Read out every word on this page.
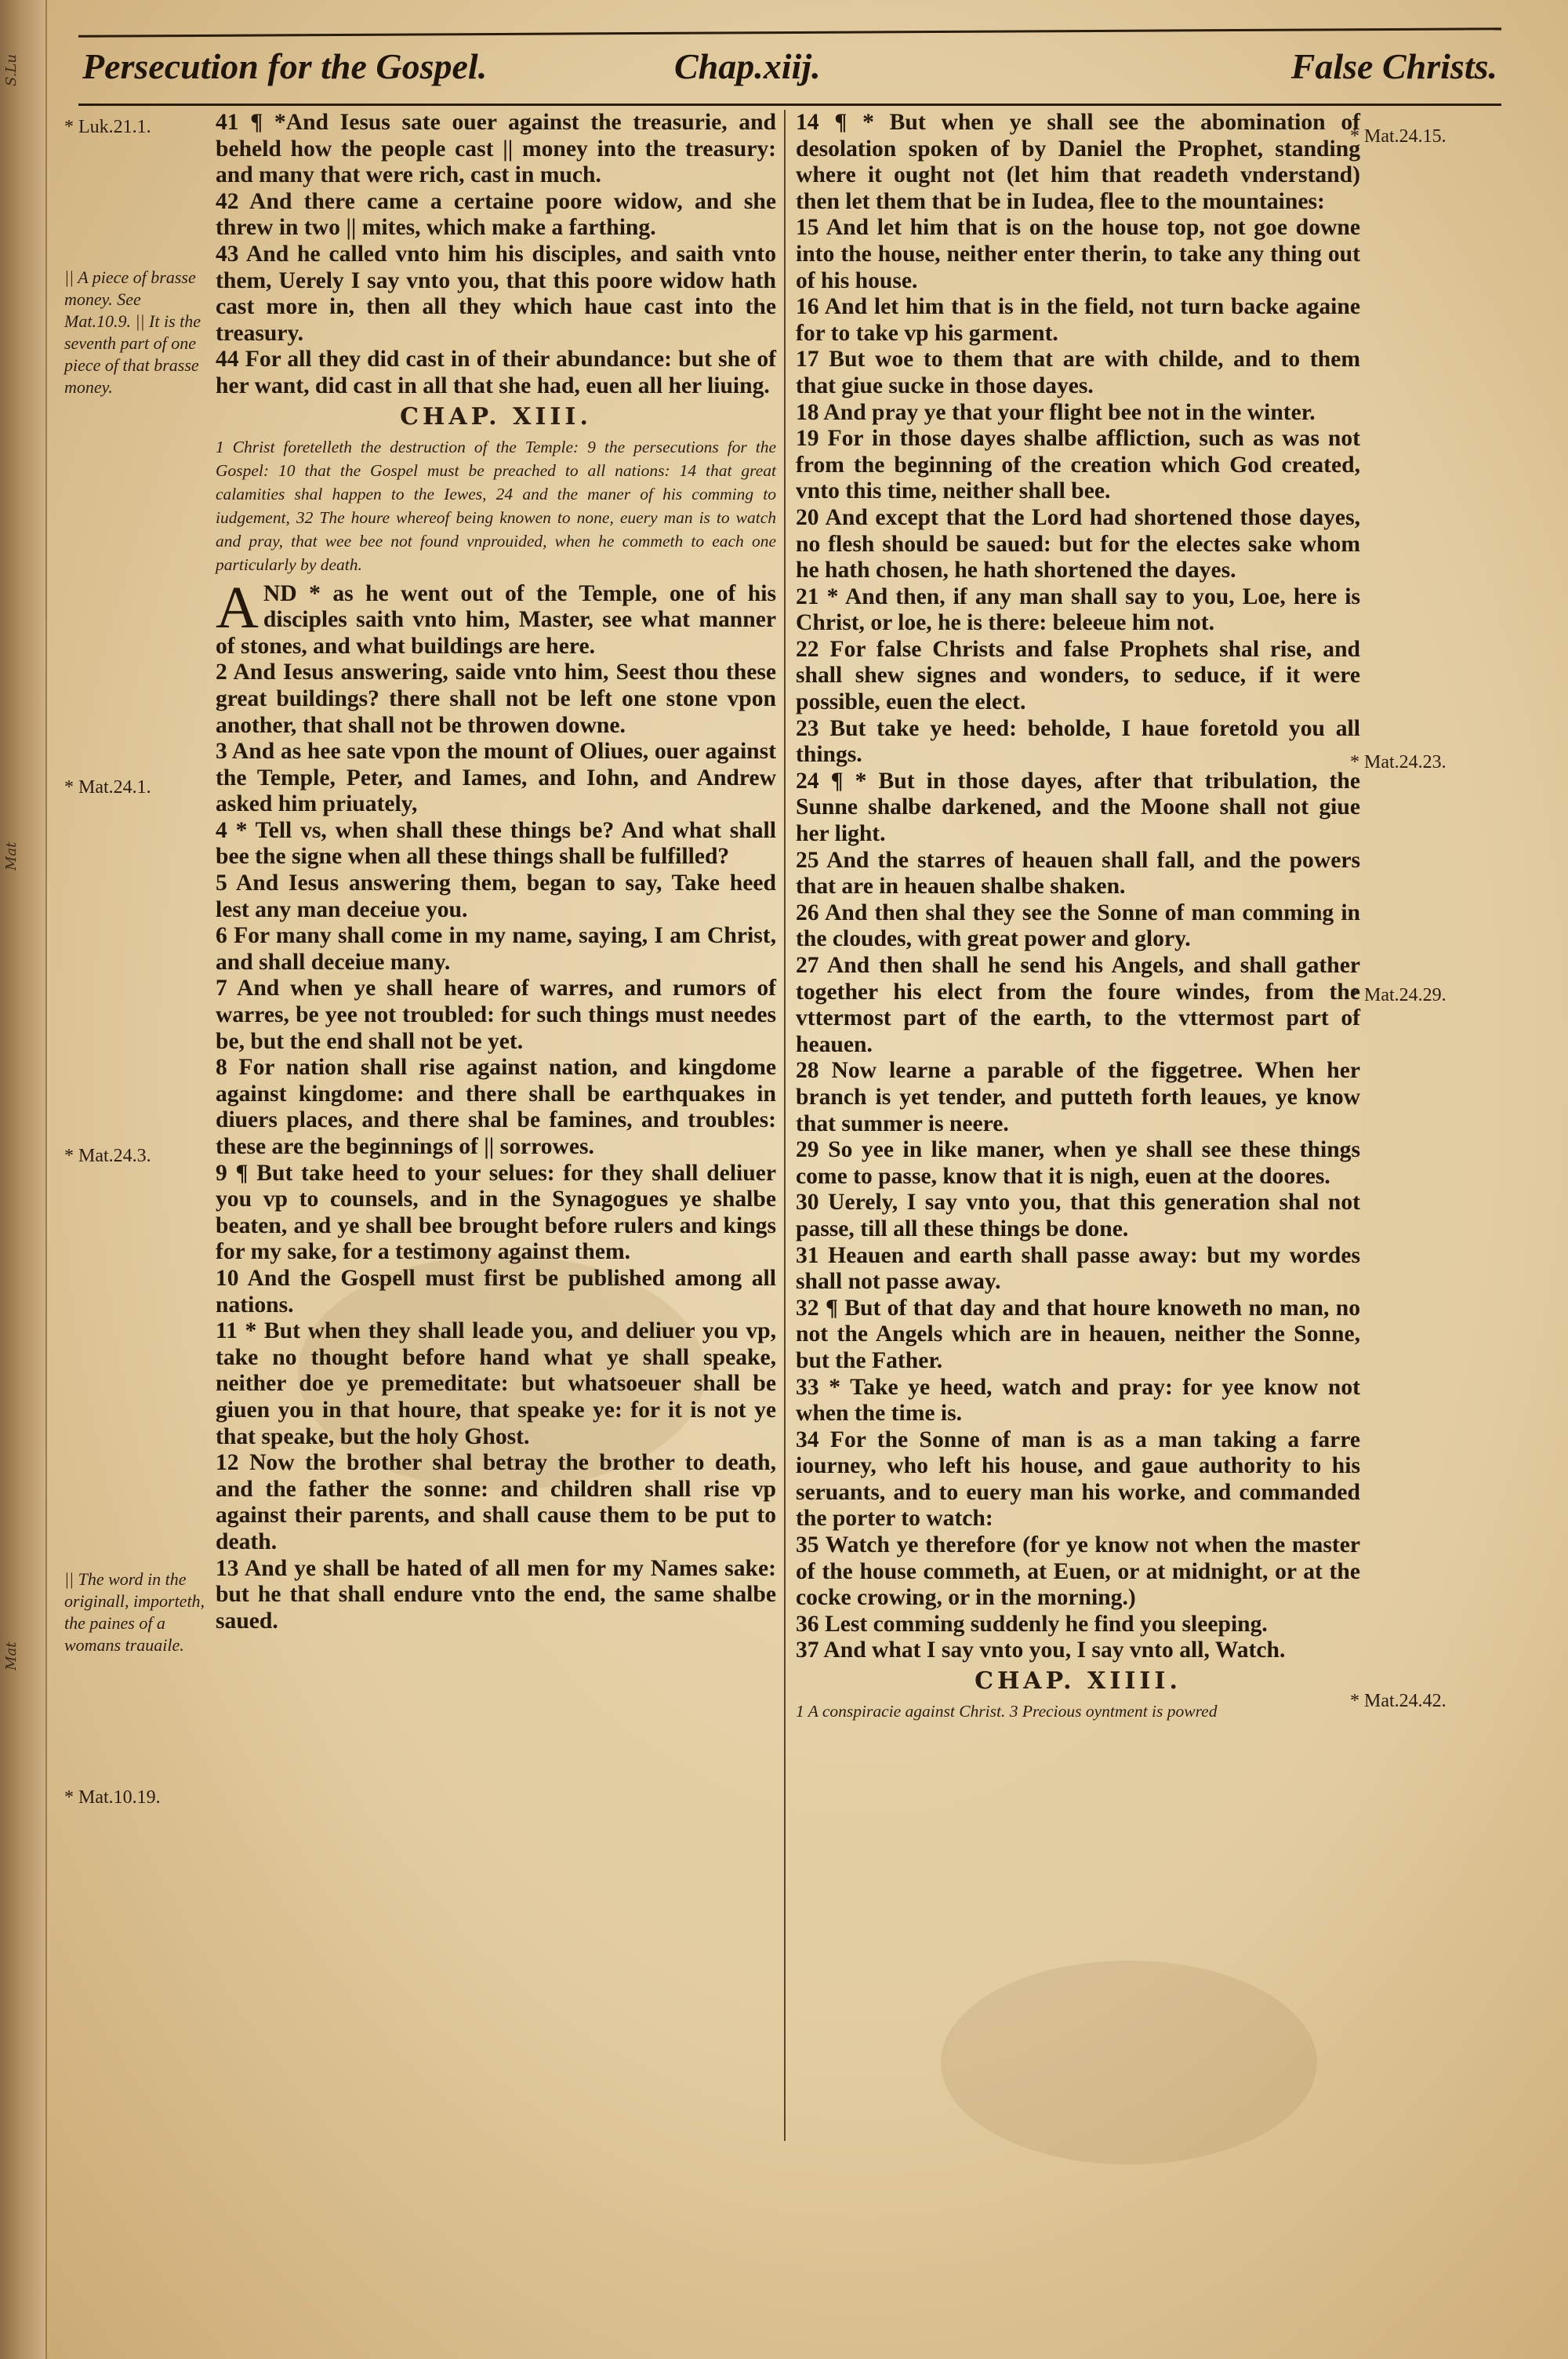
S.Lu
Mat
Mat
Persecution for the Gospel.	Chap.xiij.	False Christs.
* Luk.21.1.
|| A piece of brasse money. See Mat.10.9. || It is the seventh part of one piece of that brasse money.
* Mat.24.1.
* Mat.24.3.
|| The word in the originall, importeth, the paines of a womans trauaile.
* Mat.10.19.
* Mat.24.15.
* Mat.24.23.
* Mat.24.29.
* Mat.24.42.

41 ¶ *And Iesus sate ouer against the treasurie, and beheld how the people cast || money into the treasury: and many that were rich, cast in much.

42 And there came a certaine poore widow, and she threw in two || mites, which make a farthing.

43 And he called vnto him his disciples, and saith vnto them, Uerely I say vnto you, that this poore widow hath cast more in, then all they which haue cast into the treasury.

44 For all they did cast in of their abundance: but she of her want, did cast in all that she had, euen all her liuing.

CHAP. XIII.

1 Christ foretelleth the destruction of the Temple: 9 the persecutions for the Gospel: 10 that the Gospel must be preached to all nations: 14 that great calamities shal happen to the Iewes, 24 and the maner of his comming to iudgement, 32 The houre whereof being knowen to none, euery man is to watch and pray, that wee bee not found vnprouided, when he commeth to each one particularly by death.

AND * as he went out of the Temple, one of his disciples saith vnto him, Master, see what manner of stones, and what buildings are here.

2 And Iesus answering, saide vnto him, Seest thou these great buildings? there shall not be left one stone vpon another, that shall not be throwen downe.

3 And as hee sate vpon the mount of Oliues, ouer against the Temple, Peter, and Iames, and Iohn, and Andrew asked him priuately,

4 * Tell vs, when shall these things be? And what shall bee the signe when all these things shall be fulfilled?

5 And Iesus answering them, began to say, Take heed lest any man deceiue you.

6 For many shall come in my name, saying, I am Christ, and shall deceiue many.

7 And when ye shall heare of warres, and rumors of warres, be yee not troubled: for such things must needes be, but the end shall not be yet.

8 For nation shall rise against nation, and kingdome against kingdome: and there shall be earthquakes in diuers places, and there shal be famines, and troubles: these are the beginnings of || sorrowes.

9 ¶ But take heed to your selues: for they shall deliuer you vp to counsels, and in the Synagogues ye shalbe beaten, and ye shall bee brought before rulers and kings for my sake, for a testimony against them.

10 And the Gospell must first be published among all nations.

11 * But when they shall leade you, and deliuer you vp, take no thought before hand what ye shall speake, neither doe ye premeditate: but whatsoeuer shall be giuen you in that houre, that speake ye: for it is not ye that speake, but the holy Ghost.

12 Now the brother shal betray the brother to death, and the father the sonne: and children shall rise vp against their parents, and shall cause them to be put to death.

13 And ye shall be hated of all men for my Names sake: but he that shall endure vnto the end, the same shalbe saued.

14 ¶ * But when ye shall see the abomination of desolation spoken of by Daniel the Prophet, standing where it ought not (let him that readeth vnderstand) then let them that be in Iudea, flee to the mountaines:

15 And let him that is on the house top, not goe downe into the house, neither enter therin, to take any thing out of his house.

16 And let him that is in the field, not turn backe againe for to take vp his garment.

17 But woe to them that are with childe, and to them that giue sucke in those dayes.

18 And pray ye that your flight bee not in the winter.

19 For in those dayes shalbe affliction, such as was not from the beginning of the creation which God created, vnto this time, neither shall bee.

20 And except that the Lord had shortened those dayes, no flesh should be saued: but for the electes sake whom he hath chosen, he hath shortened the dayes.

21 * And then, if any man shall say to you, Loe, here is Christ, or loe, he is there: beleeue him not.

22 For false Christs and false Prophets shal rise, and shall shew signes and wonders, to seduce, if it were possible, euen the elect.

23 But take ye heed: beholde, I haue foretold you all things.

24 ¶ * But in those dayes, after that tribulation, the Sunne shalbe darkened, and the Moone shall not giue her light.

25 And the starres of heauen shall fall, and the powers that are in heauen shalbe shaken.

26 And then shal they see the Sonne of man comming in the cloudes, with great power and glory.

27 And then shall he send his Angels, and shall gather together his elect from the foure windes, from the vttermost part of the earth, to the vttermost part of heauen.

28 Now learne a parable of the figgetree. When her branch is yet tender, and putteth forth leaues, ye know that summer is neere.

29 So yee in like maner, when ye shall see these things come to passe, know that it is nigh, euen at the doores.

30 Uerely, I say vnto you, that this generation shal not passe, till all these things be done.

31 Heauen and earth shall passe away: but my wordes shall not passe away.

32 ¶ But of that day and that houre knoweth no man, no not the Angels which are in heauen, neither the Sonne, but the Father.

33 * Take ye heed, watch and pray: for yee know not when the time is.

34 For the Sonne of man is as a man taking a farre iourney, who left his house, and gaue authority to his seruants, and to euery man his worke, and commanded the porter to watch:

35 Watch ye therefore (for ye know not when the master of the house commeth, at Euen, or at midnight, or at the cocke crowing, or in the morning.)

36 Lest comming suddenly he find you sleeping.

37 And what I say vnto you, I say vnto all, Watch.

CHAP. XIIII.

1 A conspiracie against Christ. 3 Precious oyntment is powred
